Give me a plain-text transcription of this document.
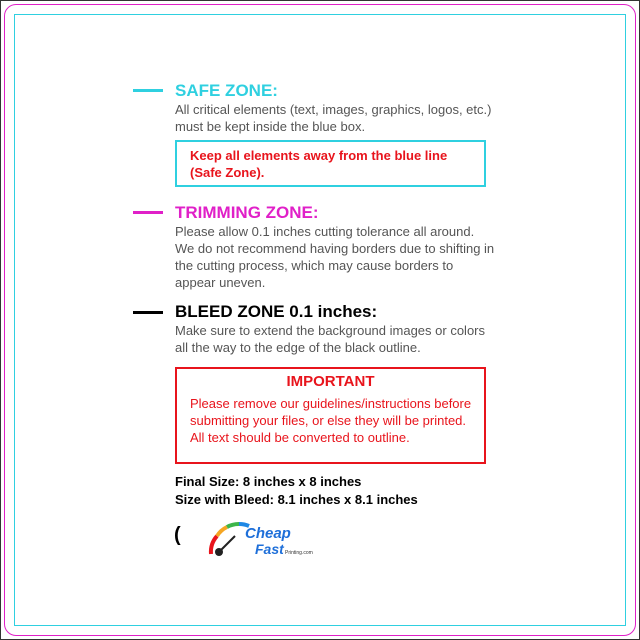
SAFE ZONE:
All critical elements (text, images, graphics, logos, etc.)
must be kept inside the blue box.
Keep all elements away from the blue line
(Safe Zone).
TRIMMING ZONE:
Please allow 0.1 inches cutting tolerance all around.
We do not recommend having borders due to shifting in
the cutting process, which may cause borders to
appear uneven.
BLEED ZONE 0.1 inches:
Make sure to extend the background images or colors
all the way to the edge of the black outline.
IMPORTANT
Please remove our guidelines/instructions before
submitting your files, or else they will be printed.
All text should be converted to outline.
Final Size: 8 inches x 8 inches
Size with Bleed: 8.1 inches x 8.1 inches
(	Cheap
Fast Printing.com
